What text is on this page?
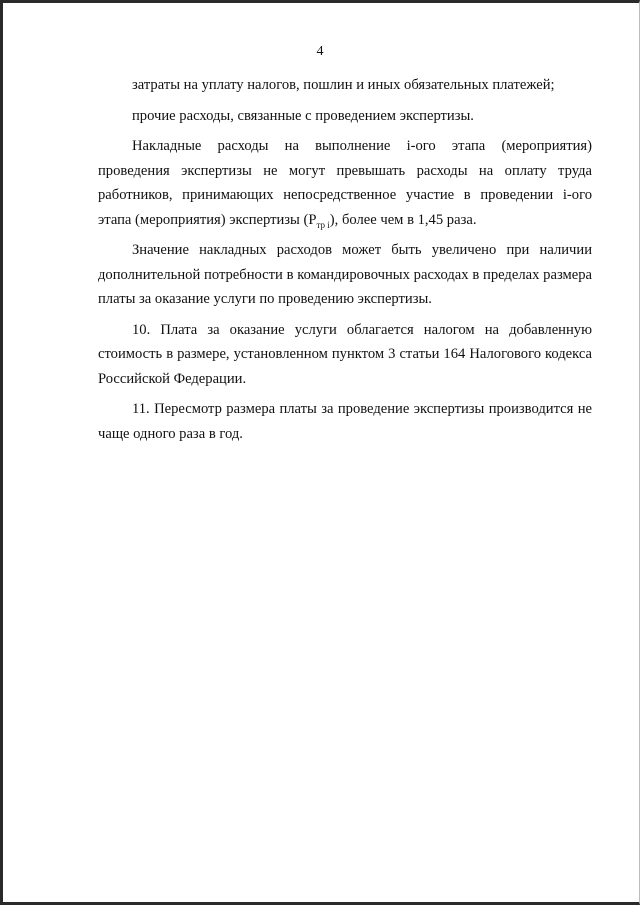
4

затраты на уплату налогов, пошлин и иных обязательных платежей;

прочие расходы, связанные с проведением экспертизы.

Накладные расходы на выполнение i-ого этапа (мероприятия) проведения экспертизы не могут превышать расходы на оплату труда работников, принимающих непосредственное участие в проведении i-ого этапа (мероприятия) экспертизы $(Р_{тр i})$, более чем в 1,45 раза.

Значение накладных расходов может быть увеличено при наличии дополнительной потребности в командировочных расходах в пределах размера платы за оказание услуги по проведению экспертизы.

10. Плата за оказание услуги облагается налогом на добавленную стоимость в размере, установленном пунктом 3 статьи 164 Налогового кодекса Российской Федерации.

11. Пересмотр размера платы за проведение экспертизы производится не чаще одного раза в год.
